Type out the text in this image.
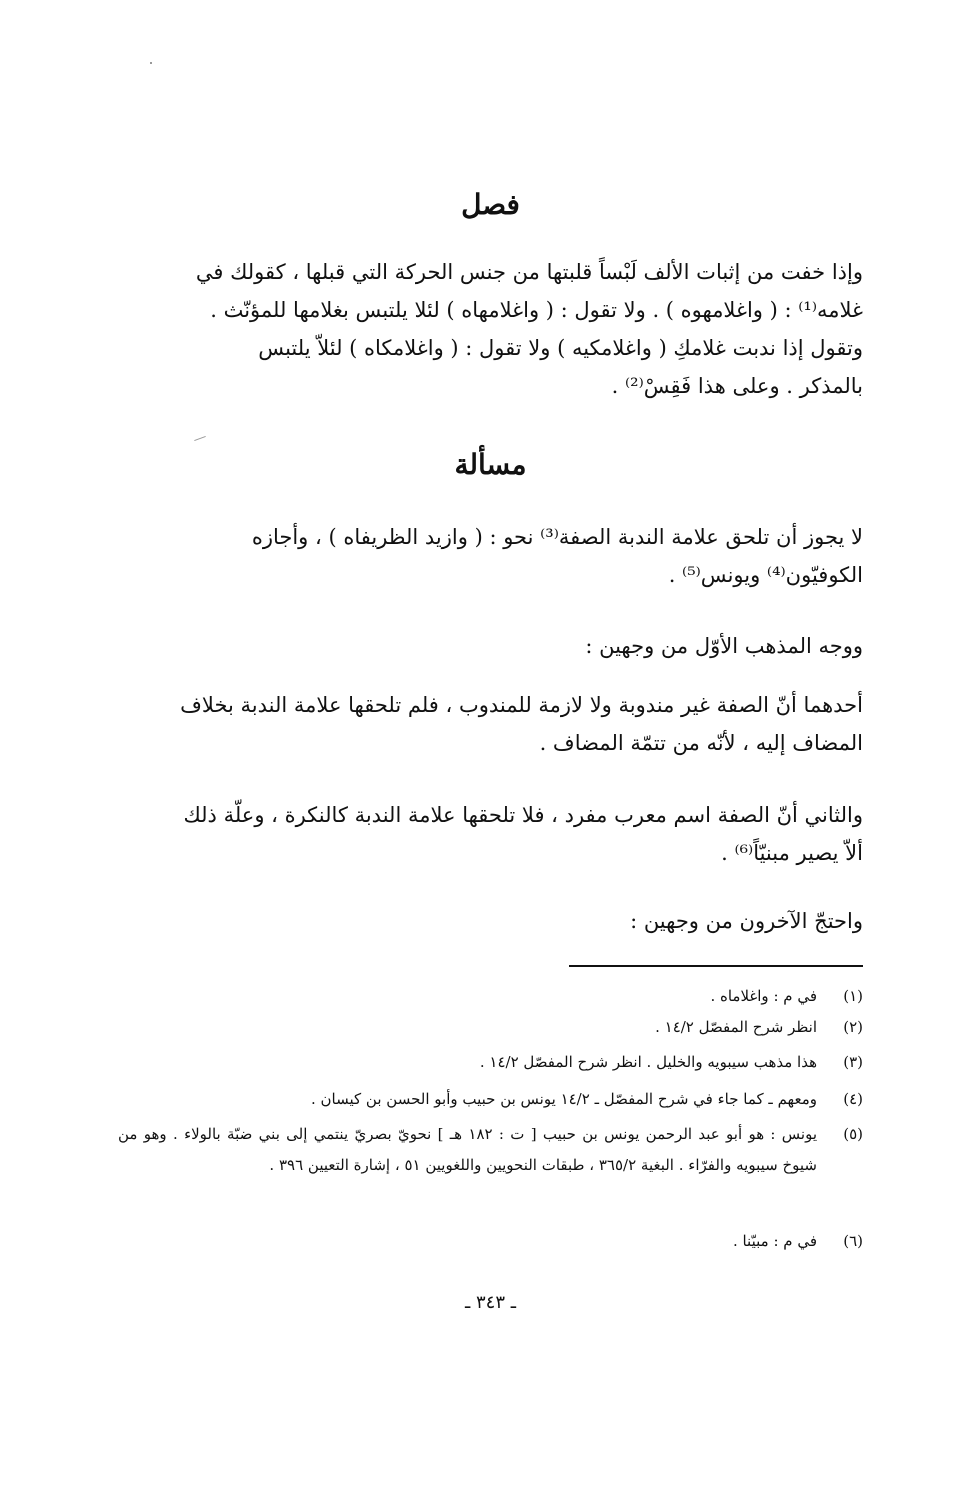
فصل
وإذا خفت من إثبات الألف لَبْساً قلبتها من جنس الحركة التي قبلها ، كقولك في
غلامه⁽¹⁾ : ( واغلامهوه ) . ولا تقول : ( واغلامهاه ) لئلا يلتبس بغلامها للمؤنّث .
وتقول إذا ندبت غلامكِ ( واغلامكيه ) ولا تقول : ( واغلامكاه ) لئلاّ يلتبس
بالمذكر . وعلى هذا فَقِسْ⁽²⁾ .
مسألة
لا يجوز أن تلحق علامة الندبة الصفة⁽³⁾ نحو : ( وازيد الظريفاه ) ، وأجازه
الكوفيّون⁽⁴⁾ ويونس⁽⁵⁾ .
ووجه المذهب الأوّل من وجهين :
أحدهما أنّ الصفة غير مندوبة ولا لازمة للمندوب ، فلم تلحقها علامة الندبة بخلاف
المضاف إليه ، لأنّه من تتمّة المضاف .
والثاني أنّ الصفة اسم معرب مفرد ، فلا تلحقها علامة الندبة كالنكرة ، وعلّة ذلك
ألاّ يصير مبنيّاً⁽⁶⁾ .
واحتجّ الآخرون من وجهين :
(١)
في م : واغلاماه .
(٢)
انظر شرح المفصّل ١٤/٢ .
(٣)
هذا مذهب سيبويه والخليل . انظر شرح المفصّل ١٤/٢ .
(٤)
ومعهم ـ كما جاء في شرح المفصّل ـ ١٤/٢ يونس بن حبيب وأبو الحسن بن كيسان .
(٥)
يونس : هو أبو عبد الرحمن يونس بن حبيب [ ت : ١٨٢ هـ ] نحويّ بصريّ ينتمي إلى بني ضبّة بالولاء . وهو من شيوخ سيبويه والفرّاء . البغية ٣٦٥/٢ ، طبقات النحويين واللغويين ٥١ ، إشارة التعيين ٣٩٦ .
(٦)
في م : مبيّنا .
ـ ٣٤٣ ـ
